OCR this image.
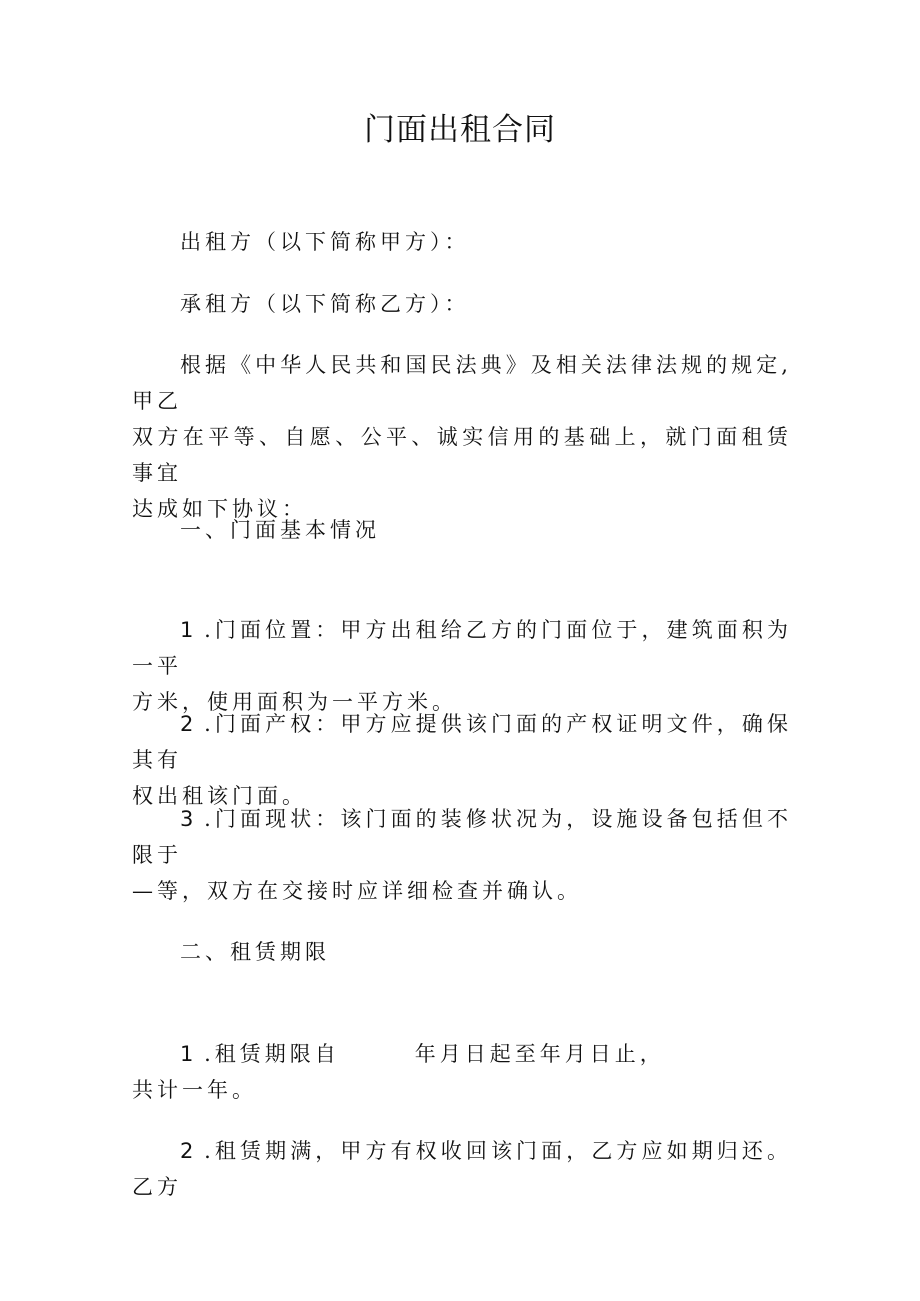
门面出租合同
出租方（以下简称甲方）：
承租方（以下简称乙方）：
根据《中华人民共和国民法典》及相关法律法规的规定,甲乙
双方在平等、自愿、公平、诚实信用的基础上，就门面租赁事宜
达成如下协议：
一、门面基本情况
1 .门面位置：甲方出租给乙方的门面位于，建筑面积为一平
方米，使用面积为一平方米。
2 .门面产权：甲方应提供该门面的产权证明文件，确保其有
权出租该门面。
3 .门面现状：该门面的装修状况为，设施设备包括但不限于
—等，双方在交接时应详细检查并确认。
二、租赁期限
1 .租赁期限自　　　年月日起至年月日止，
共计一年。
2 .租赁期满，甲方有权收回该门面，乙方应如期归还。乙方
